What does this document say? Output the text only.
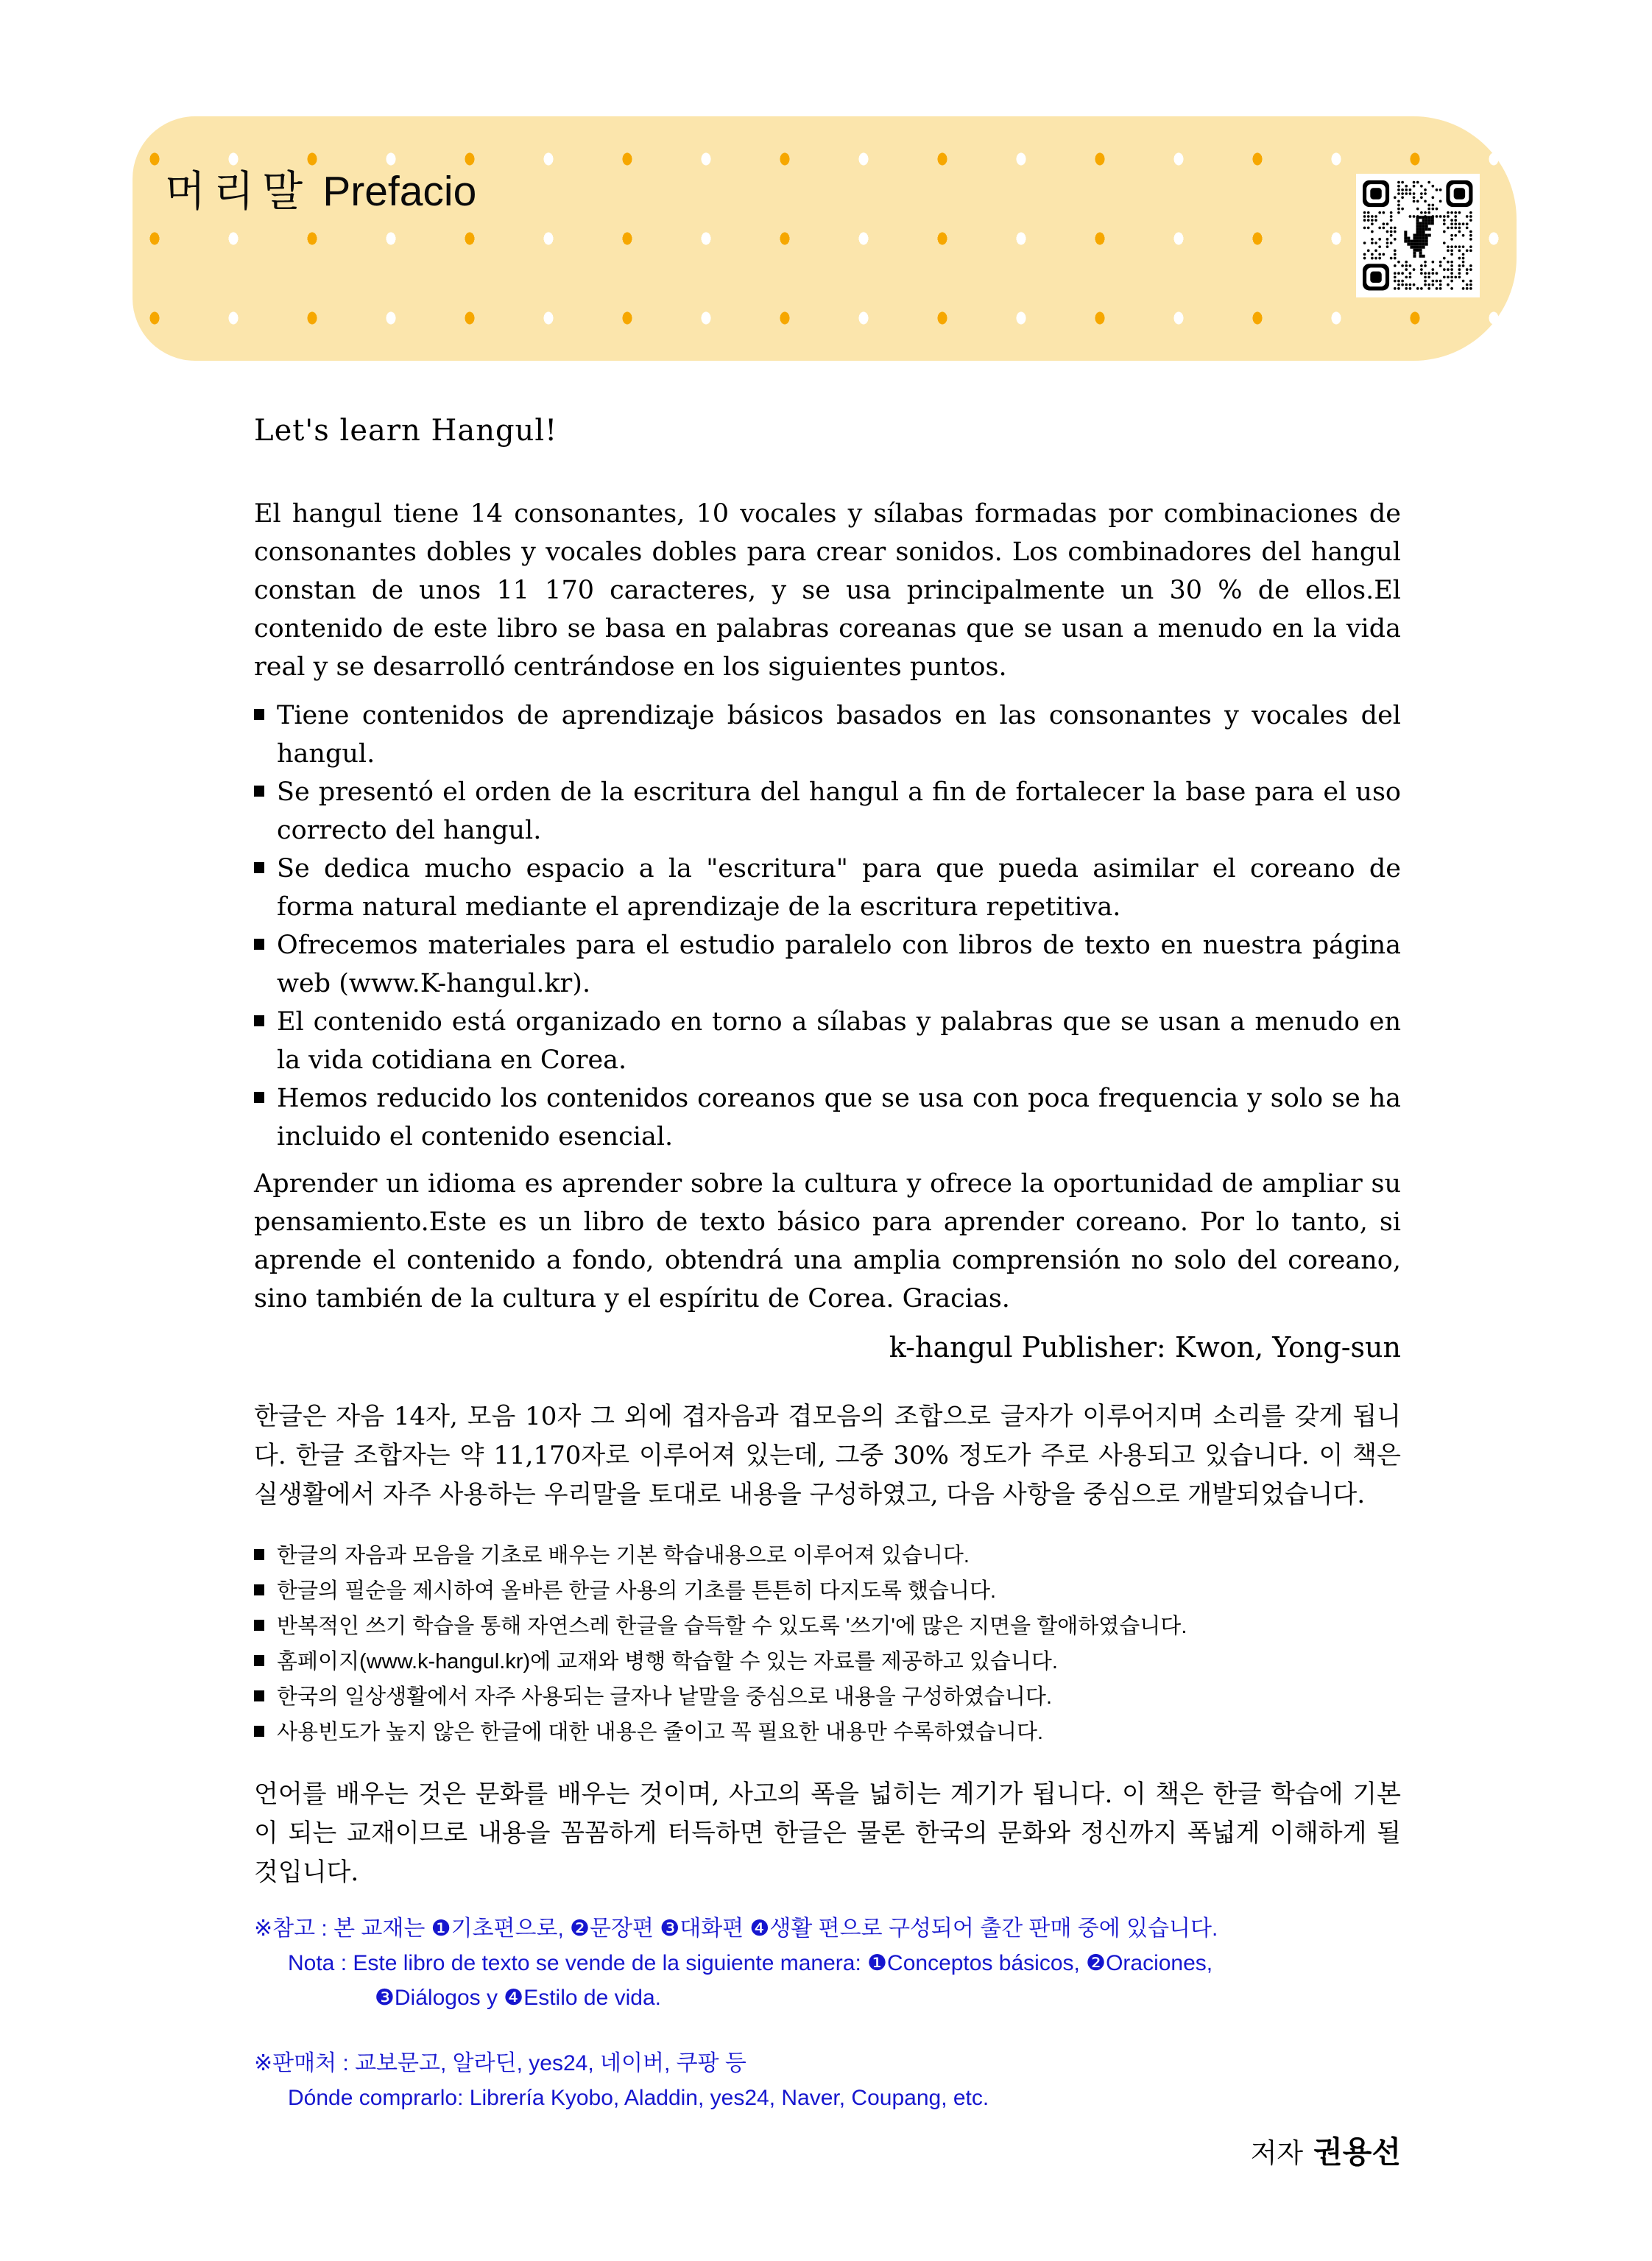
머리말 Prefacio
Let's learn Hangul!

El hangul tiene 14 consonantes, 10 vocales y sílabas formadas por combinaciones de consonantes dobles y vocales dobles para crear sonidos. Los combinadores del hangul constan de unos 11 170 caracteres, y se usa principalmente un 30 % de ellos.El contenido de este libro se basa en palabras coreanas que se usan a menudo en la vida real y se desarrolló centrándose en los siguientes puntos.

Tiene contenidos de aprendizaje básicos basados en las consonantes y vocales del hangul.
Se presentó el orden de la escritura del hangul a fin de fortalecer la base para el uso correcto del hangul.
Se dedica mucho espacio a la "escritura" para que pueda asimilar el coreano de forma natural mediante el aprendizaje de la escritura repetitiva.
Ofrecemos materiales para el estudio paralelo con libros de texto en nuestra página web (www.K-hangul.kr).
El contenido está organizado en torno a sílabas y palabras que se usan a menudo en la vida cotidiana en Corea.
Hemos reducido los contenidos coreanos que se usa con poca frequencia y solo se ha incluido el contenido esencial.

Aprender un idioma es aprender sobre la cultura y ofrece la oportunidad de ampliar su pensamiento.Este es un libro de texto básico para aprender coreano. Por lo tanto, si aprende el contenido a fondo, obtendrá una amplia comprensión no solo del coreano, sino también de la cultura y el espíritu de Corea. Gracias.

k-hangul Publisher: Kwon, Yong-sun

한글은 자음 14자, 모음 10자 그 외에 겹자음과 겹모음의 조합으로 글자가 이루어지며 소리를 갖게 됩니다. 한글 조합자는 약 11,170자로 이루어져 있는데, 그중 30% 정도가 주로 사용되고 있습니다. 이 책은 실생활에서 자주 사용하는 우리말을 토대로 내용을 구성하였고, 다음 사항을 중심으로 개발되었습니다.

한글의 자음과 모음을 기초로 배우는 기본 학습내용으로 이루어져 있습니다.
한글의 필순을 제시하여 올바른 한글 사용의 기초를 튼튼히 다지도록 했습니다.
반복적인 쓰기 학습을 통해 자연스레 한글을 습득할 수 있도록 '쓰기'에 많은 지면을 할애하였습니다.
홈페이지(www.k-hangul.kr)에 교재와 병행 학습할 수 있는 자료를 제공하고 있습니다.
한국의 일상생활에서 자주 사용되는 글자나 낱말을 중심으로 내용을 구성하였습니다.
사용빈도가 높지 않은 한글에 대한 내용은 줄이고 꼭 필요한 내용만 수록하였습니다.

언어를 배우는 것은 문화를 배우는 것이며, 사고의 폭을 넓히는 계기가 됩니다. 이 책은 한글 학습에 기본이 되는 교재이므로 내용을 꼼꼼하게 터득하면 한글은 물론 한국의 문화와 정신까지 폭넓게 이해하게 될 것입니다.

※참고 : 본 교재는 ❶기초편으로, ❷문장편 ❸대화편 ❹생활 편으로 구성되어 출간 판매 중에 있습니다.
Nota : Este libro de texto se vende de la siguiente manera: ❶Conceptos básicos, ❷Oraciones,
❸Diálogos y ❹Estilo de vida.
※판매처 : 교보문고, 알라딘, yes24, 네이버, 쿠팡 등
Dónde comprarlo: Librería Kyobo, Aladdin, yes24, Naver, Coupang, etc.

저자 권용선
